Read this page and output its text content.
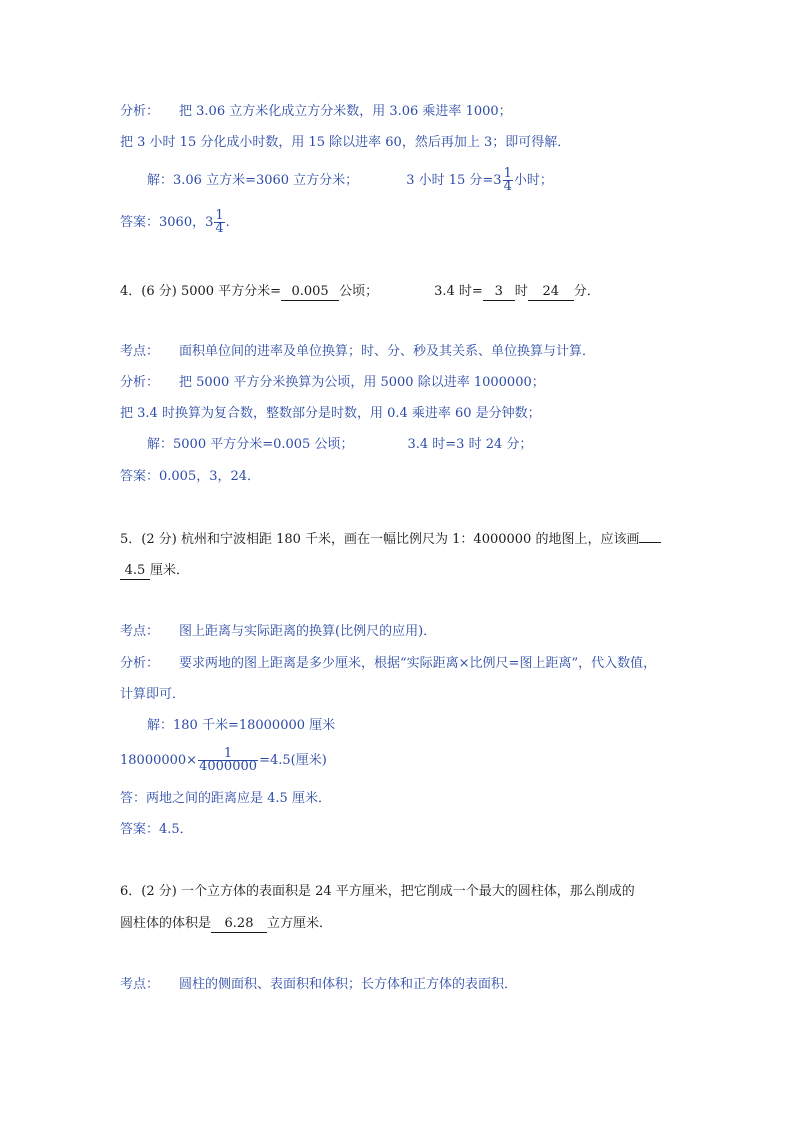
分析： 把 3.06 立方米化成立方分米数，用 3.06 乘进率 1000；
把 3 小时 15 分化成小时数，用 15 除以进率 60，然后再加上 3；即可得解．
解：3.06 立方米=3060 立方分米；	3 小时 15 分$=3 \frac{1}{4}$ 小时；
答案：3060，$3 \frac{1}{4}$ .
4．(6 分) 5000 平方分米= 0.005 公顷；	3.4 时= 3 时 24 分．
考点： 面积单位间的进率及单位换算；时、分、秒及其关系、单位换算与计算．
分析： 把 5000 平方分米换算为公顷，用 5000 除以进率 1000000；
把 3.4 时换算为复合数，整数部分是时数，用 0.4 乘进率 60 是分钟数；
解：5000 平方分米=0.005 公顷；	3.4 时=3 时 24 分；
答案：0.005，3，24．
5．(2 分) 杭州和宁波相距 180 千米，画在一幅比例尺为 1：4000000 的地图上，应该画
4.5 厘米．
考点： 图上距离与实际距离的换算(比例尺的应用)．
分析： 要求两地的图上距离是多少厘米，根据“实际距离×比例尺=图上距离”，代入数值，
计算即可．
解：180 千米=18000000 厘米
$18000000\times \frac{1}{4000000} =4.5$(厘米)
答：两地之间的距离应是 4.5 厘米．
答案：4.5．
6．(2 分) 一个立方体的表面积是 24 平方厘米，把它削成一个最大的圆柱体，那么削成的
圆柱体的体积是 6.28 立方厘米．
考点： 圆柱的侧面积、表面积和体积；长方体和正方体的表面积．
